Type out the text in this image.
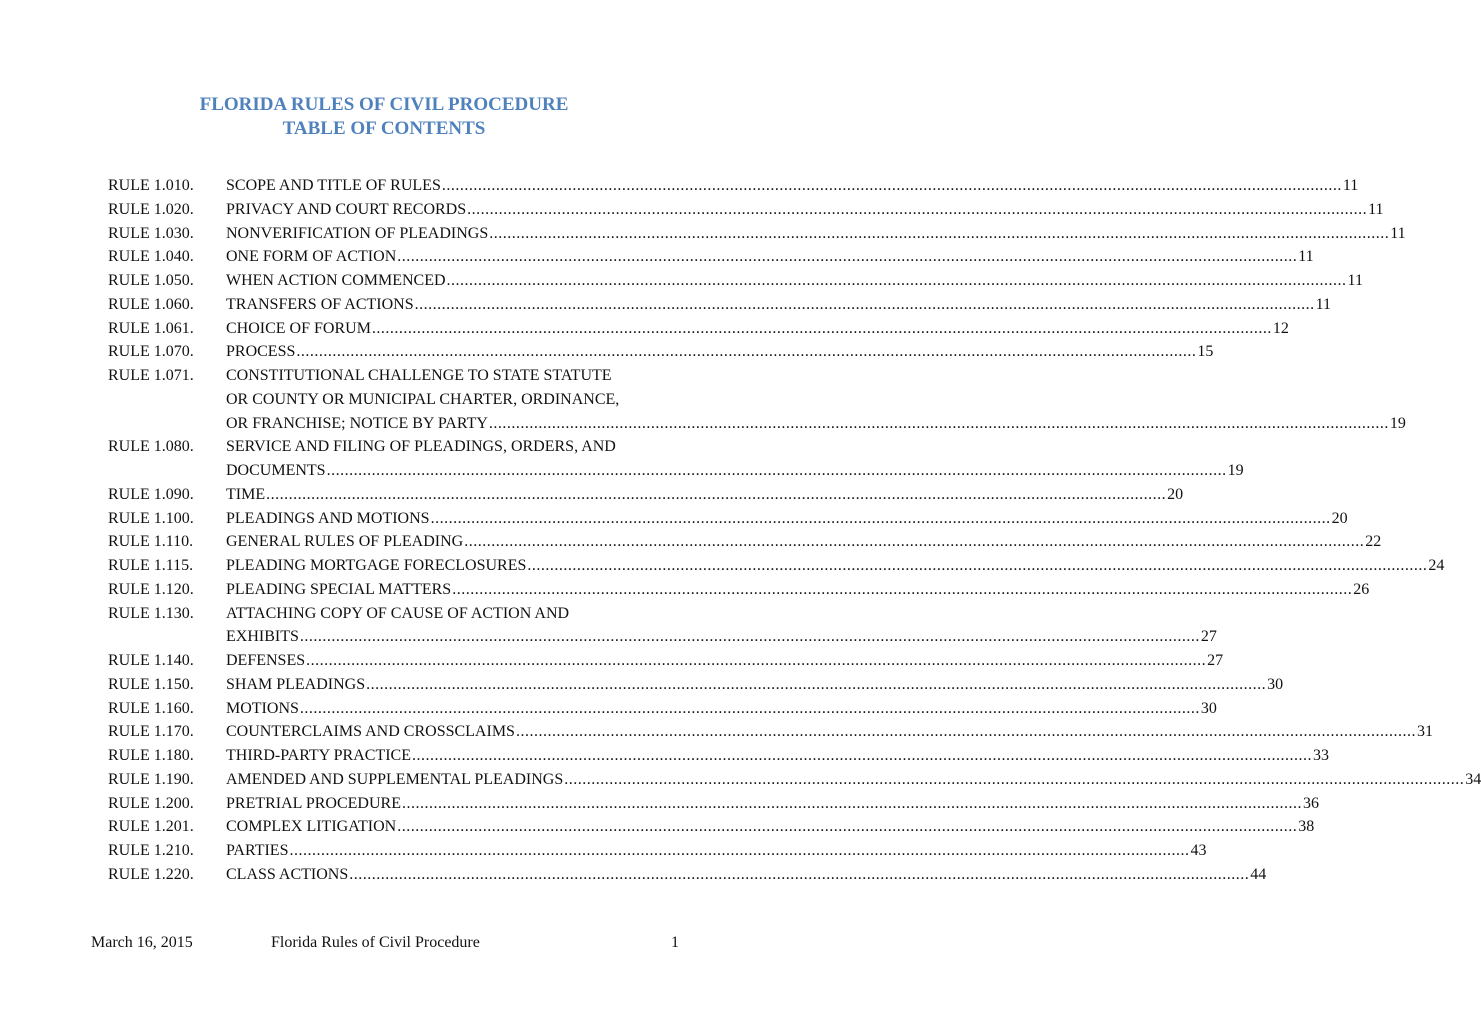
FLORIDA RULES OF CIVIL PROCEDURE
TABLE OF CONTENTS
RULE 1.010. SCOPE AND TITLE OF RULES ........................................................................................................................................................................................................ 11
RULE 1.020. PRIVACY AND COURT RECORDS ........................................................................................................................................................................................................ 11
RULE 1.030. NONVERIFICATION OF PLEADINGS ........................................................................................................................................................................................................ 11
RULE 1.040. ONE FORM OF ACTION ........................................................................................................................................................................................................ 11
RULE 1.050. WHEN ACTION COMMENCED ........................................................................................................................................................................................................ 11
RULE 1.060. TRANSFERS OF ACTIONS ........................................................................................................................................................................................................ 11
RULE 1.061. CHOICE OF FORUM ........................................................................................................................................................................................................ 12
RULE 1.070. PROCESS ........................................................................................................................................................................................................ 15
RULE 1.071. CONSTITUTIONAL CHALLENGE TO STATE STATUTE
OR COUNTY OR MUNICIPAL CHARTER, ORDINANCE,
OR FRANCHISE; NOTICE BY PARTY ........................................................................................................................................................................................................ 19
RULE 1.080. SERVICE AND FILING OF PLEADINGS, ORDERS, AND
DOCUMENTS ........................................................................................................................................................................................................ 19
RULE 1.090. TIME ........................................................................................................................................................................................................ 20
RULE 1.100. PLEADINGS AND MOTIONS ........................................................................................................................................................................................................ 20
RULE 1.110. GENERAL RULES OF PLEADING ........................................................................................................................................................................................................ 22
RULE 1.115. PLEADING MORTGAGE FORECLOSURES ........................................................................................................................................................................................................ 24
RULE 1.120. PLEADING SPECIAL MATTERS ........................................................................................................................................................................................................ 26
RULE 1.130. ATTACHING COPY OF CAUSE OF ACTION AND
EXHIBITS ........................................................................................................................................................................................................ 27
RULE 1.140. DEFENSES ........................................................................................................................................................................................................ 27
RULE 1.150. SHAM PLEADINGS ........................................................................................................................................................................................................ 30
RULE 1.160. MOTIONS ........................................................................................................................................................................................................ 30
RULE 1.170. COUNTERCLAIMS AND CROSSCLAIMS ........................................................................................................................................................................................................ 31
RULE 1.180. THIRD-PARTY PRACTICE ........................................................................................................................................................................................................ 33
RULE 1.190. AMENDED AND SUPPLEMENTAL PLEADINGS ........................................................................................................................................................................................................ 34
RULE 1.200. PRETRIAL PROCEDURE ........................................................................................................................................................................................................ 36
RULE 1.201. COMPLEX LITIGATION ........................................................................................................................................................................................................ 38
RULE 1.210. PARTIES ........................................................................................................................................................................................................ 43
RULE 1.220. CLASS ACTIONS ........................................................................................................................................................................................................ 44
March 16, 2015	Florida Rules of Civil Procedure	1
